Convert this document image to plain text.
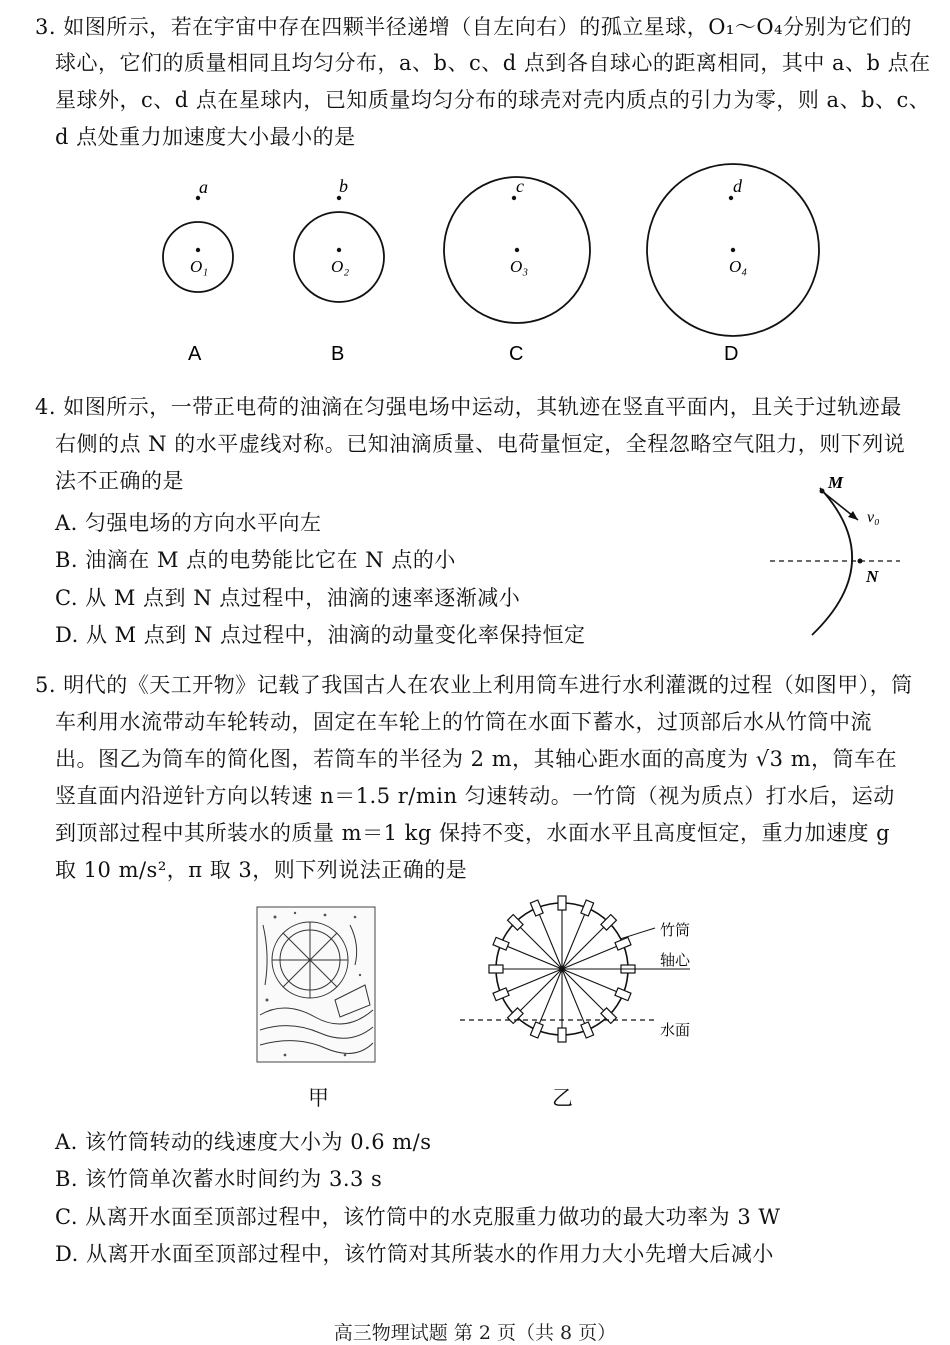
3. 如图所示，若在宇宙中存在四颗半径递增（自左向右）的孤立星球，O₁～O₄分别为它们的
球心，它们的质量相同且均匀分布，a、b、c、d 点到各自球心的距离相同，其中 a、b 点在
星球外，c、d 点在星球内，已知质量均匀分布的球壳对壳内质点的引力为零，则 a、b、c、
d 点处重力加速度大小最小的是
O₁
a
A
O₂
b
B
O₃
c
C
O₄
d
D
4. 如图所示，一带正电荷的油滴在匀强电场中运动，其轨迹在竖直平面内，且关于过轨迹最
右侧的点 N 的水平虚线对称。已知油滴质量、电荷量恒定，全程忽略空气阻力，则下列说
法不正确的是
A. 匀强电场的方向水平向左
B. 油滴在 M 点的电势能比它在 N 点的小
C. 从 M 点到 N 点过程中，油滴的速率逐渐减小
D. 从 M 点到 N 点过程中，油滴的动量变化率保持恒定
M
N
v₀
5. 明代的《天工开物》记载了我国古人在农业上利用筒车进行水利灌溉的过程（如图甲），筒
车利用水流带动车轮转动，固定在车轮上的竹筒在水面下蓄水，过顶部后水从竹筒中流
出。图乙为筒车的简化图，若筒车的半径为 2 m，其轴心距水面的高度为 √3 m，筒车在
竖直面内沿逆针方向以转速 n＝1.5 r/min 匀速转动。一竹筒（视为质点）打水后，运动
到顶部过程中其所装水的质量 m＝1 kg 保持不变，水面水平且高度恒定，重力加速度 g
取 10 m/s²，π 取 3，则下列说法正确的是
甲
竹筒
轴心
水面
乙
A. 该竹筒转动的线速度大小为 0.6 m/s
B. 该竹筒单次蓄水时间约为 3.3 s
C. 从离开水面至顶部过程中，该竹筒中的水克服重力做功的最大功率为 3 W
D. 从离开水面至顶部过程中，该竹筒对其所装水的作用力大小先增大后减小
高三物理试题 第 2 页（共 8 页）
